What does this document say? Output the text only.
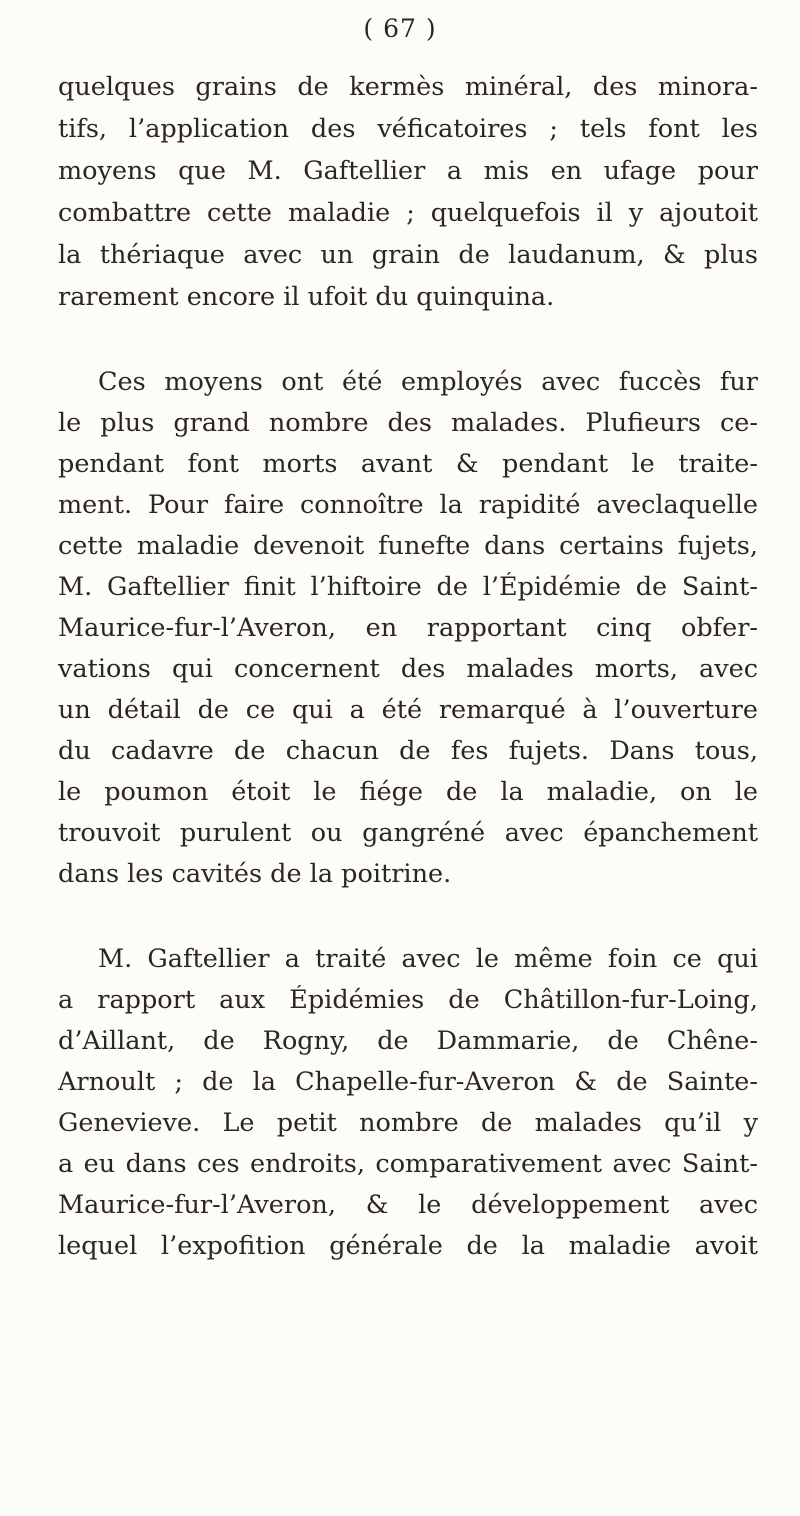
( 67 )
quelques grains de kermès minéral, des minora-
tifs, l’application des véficatoires ; tels font les
moyens que M. Gaftellier a mis en ufage pour
combattre cette maladie ; quelquefois il y ajoutoit
la thériaque avec un grain de laudanum, & plus
rarement encore il ufoit du quinquina.
Ces moyens ont été employés avec fuccès fur
le plus grand nombre des malades. Plufieurs ce-
pendant font morts avant & pendant le traite-
ment. Pour faire connoître la rapidité aveclaquelle
cette maladie devenoit funefte dans certains fujets,
M. Gaftellier finit l’hiftoire de l’Épidémie de Saint-
Maurice-fur-l’Averon, en rapportant cinq obfer-
vations qui concernent des malades morts, avec
un détail de ce qui a été remarqué à l’ouverture
du cadavre de chacun de fes fujets. Dans tous,
le poumon étoit le fiége de la maladie, on le
trouvoit purulent ou gangréné avec épanchement
dans les cavités de la poitrine.
M. Gaftellier a traité avec le même foin ce qui
a rapport aux Épidémies de Châtillon-fur-Loing,
d’Aillant, de Rogny, de Dammarie, de Chêne-
Arnoult ; de la Chapelle-fur-Averon & de Sainte-
Genevieve. Le petit nombre de malades qu’il y
a eu dans ces endroits, comparativement avec Saint-
Maurice-fur-l’Averon, & le développement avec
lequel l’expofition générale de la maladie avoit
